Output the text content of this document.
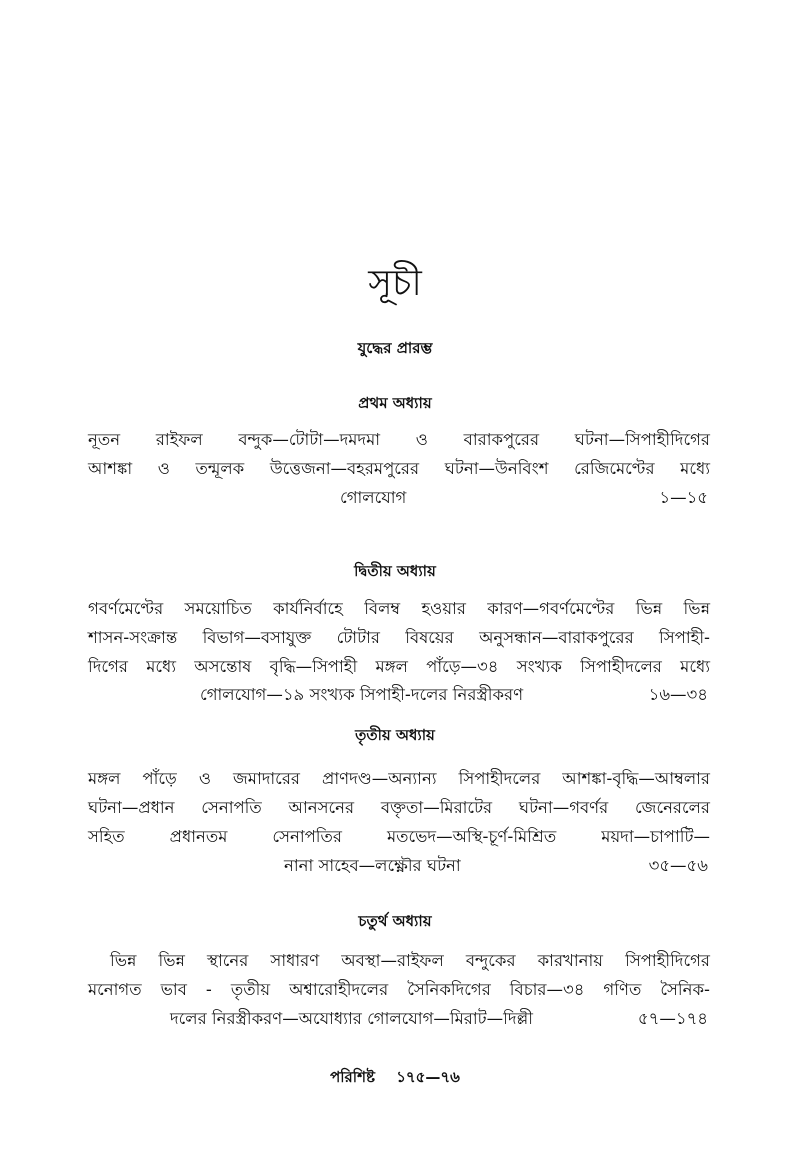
সূচী
যুদ্ধের প্রারম্ভ
প্রথম অধ্যায়
নূতন রাইফল বন্দুক—টোটা—দমদমা ও বারাকপুরের ঘটনা—সিপাহীদিগের
আশঙ্কা ও তন্মূলক উত্তেজনা—বহরমপুরের ঘটনা—উনবিংশ রেজিমেণ্টের মধ্যে
গোলযোগ	১—১৫
দ্বিতীয় অধ্যায়
গবর্ণমেণ্টের সময়োচিত কার্যনির্বাহে বিলম্ব হওয়ার কারণ—গবর্ণমেণ্টের ভিন্ন ভিন্ন
শাসন-সংক্রান্ত বিভাগ—বসাযুক্ত টোটার বিষয়ের অনুসন্ধান—বারাকপুরের সিপাহী-
দিগের মধ্যে অসন্তোষ বৃদ্ধি—সিপাহী মঙ্গল পাঁড়ে—৩৪ সংখ্যক সিপাহীদলের মধ্যে
গোলযোগ—১৯ সংখ্যক সিপাহী-দলের নিরস্ত্রীকরণ	১৬—৩৪
তৃতীয় অধ্যায়
মঙ্গল পাঁড়ে ও জমাদারের প্রাণদণ্ড—অন্যান্য সিপাহীদলের আশঙ্কা-বৃদ্ধি—আম্বলার
ঘটনা—প্রধান সেনাপতি আনসনের বক্তৃতা—মিরাটের ঘটনা—গবর্ণর জেনেরলের
সহিত প্রধানতম সেনাপতির মতভেদ—অস্থি-চূর্ণ-মিশ্রিত ময়দা—চাপাটি—
নানা সাহেব—লক্ষ্ণৌর ঘটনা	৩৫—৫৬
চতুর্থ অধ্যায়
ভিন্ন ভিন্ন স্থানের সাধারণ অবস্থা—রাইফল বন্দুকের কারখানায় সিপাহীদিগের
মনোগত ভাব - তৃতীয় অশ্বারোহীদলের সৈনিকদিগের বিচার—৩৪ গণিত সৈনিক-
দলের নিরস্ত্রীকরণ—অযোধ্যার গোলযোগ—মিরাট—দিল্লী	৫৭—১৭৪
পরিশিষ্ট ১৭৫—৭৬
